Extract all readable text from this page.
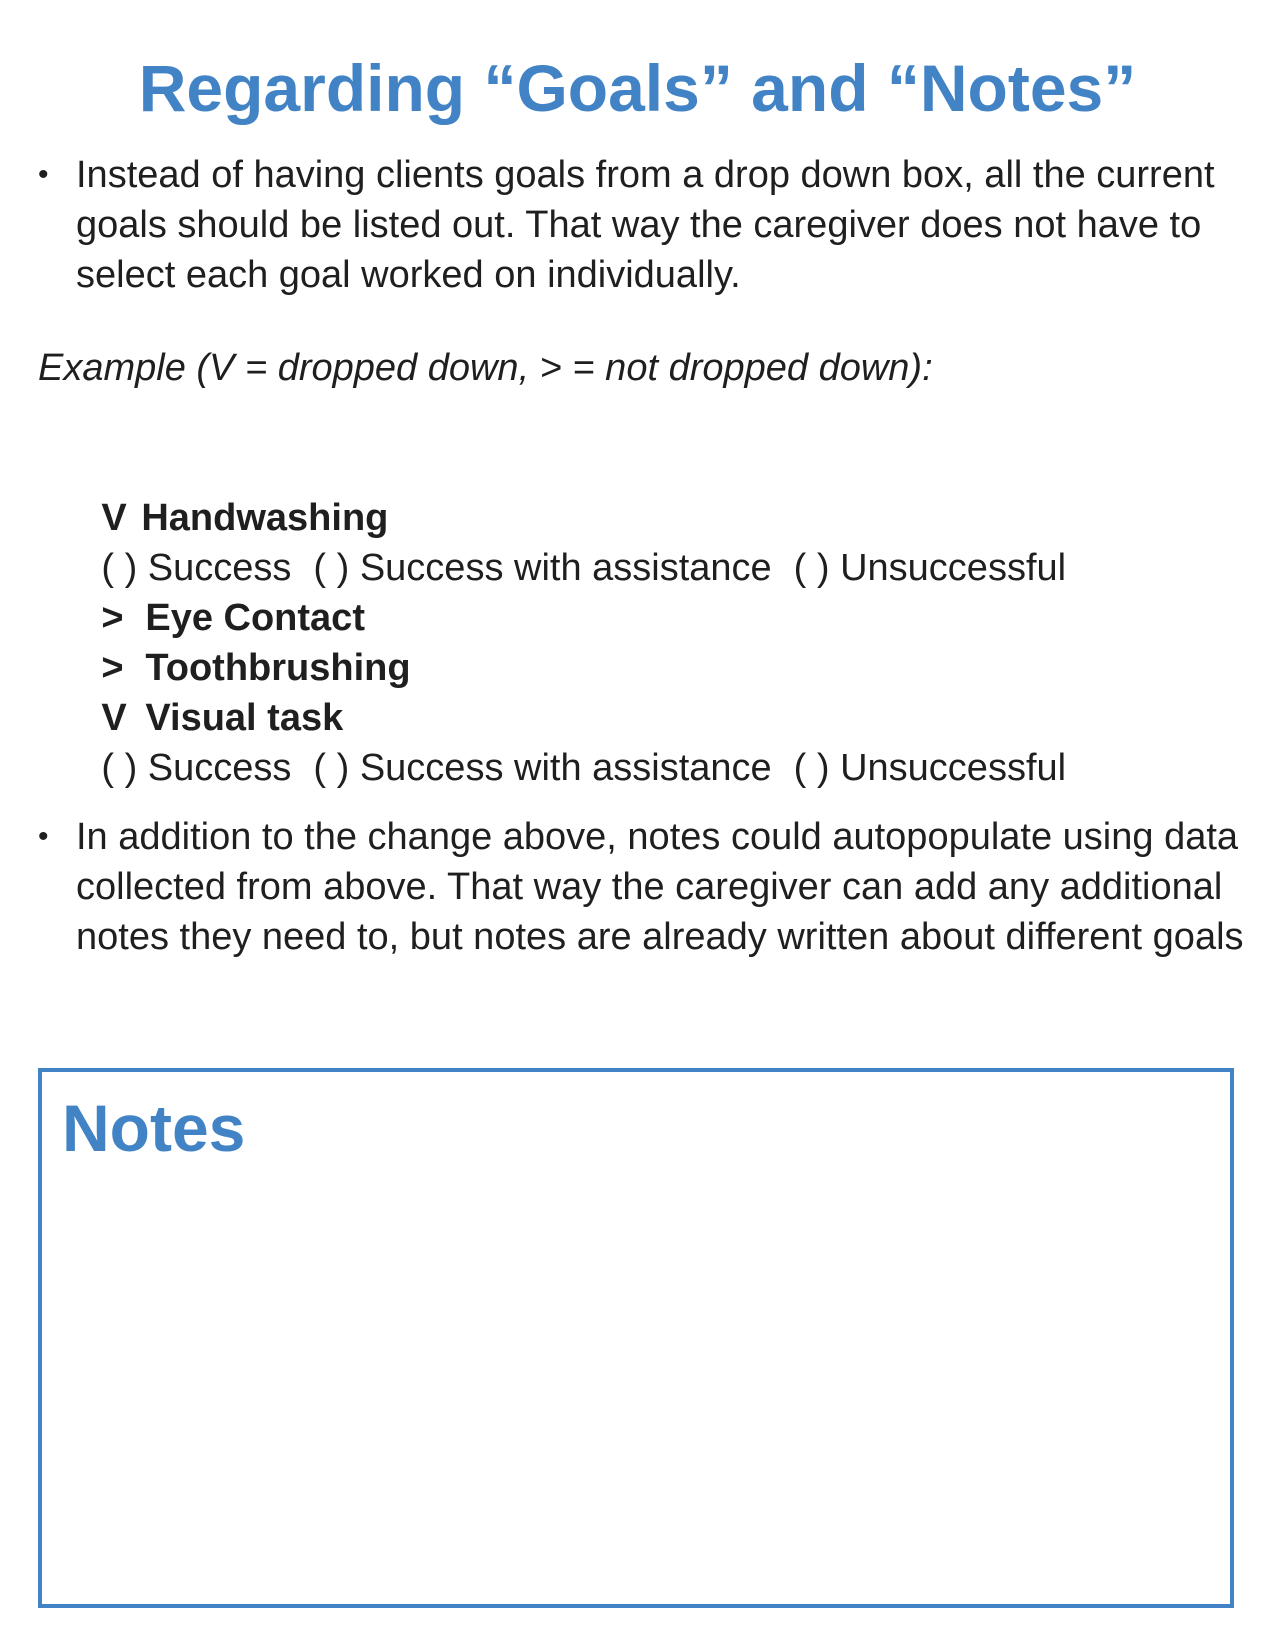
Regarding “Goals” and “Notes”
• Instead of having clients goals from a drop down box, all the current goals should be listed out. That way the caregiver does not have to select each goal worked on individually.
Example (V = dropped down, > = not dropped down):

V Handwashing

( ) Success ( ) Success with assistance ( ) Unsuccessful

> Eye Contact

> Toothbrushing

V Visual task

( ) Success ( ) Success with assistance ( ) Unsuccessful

• In addition to the change above, notes could autopopulate using data collected from above. That way the caregiver can add any additional notes they need to, but notes are already written about different goals
Notes
